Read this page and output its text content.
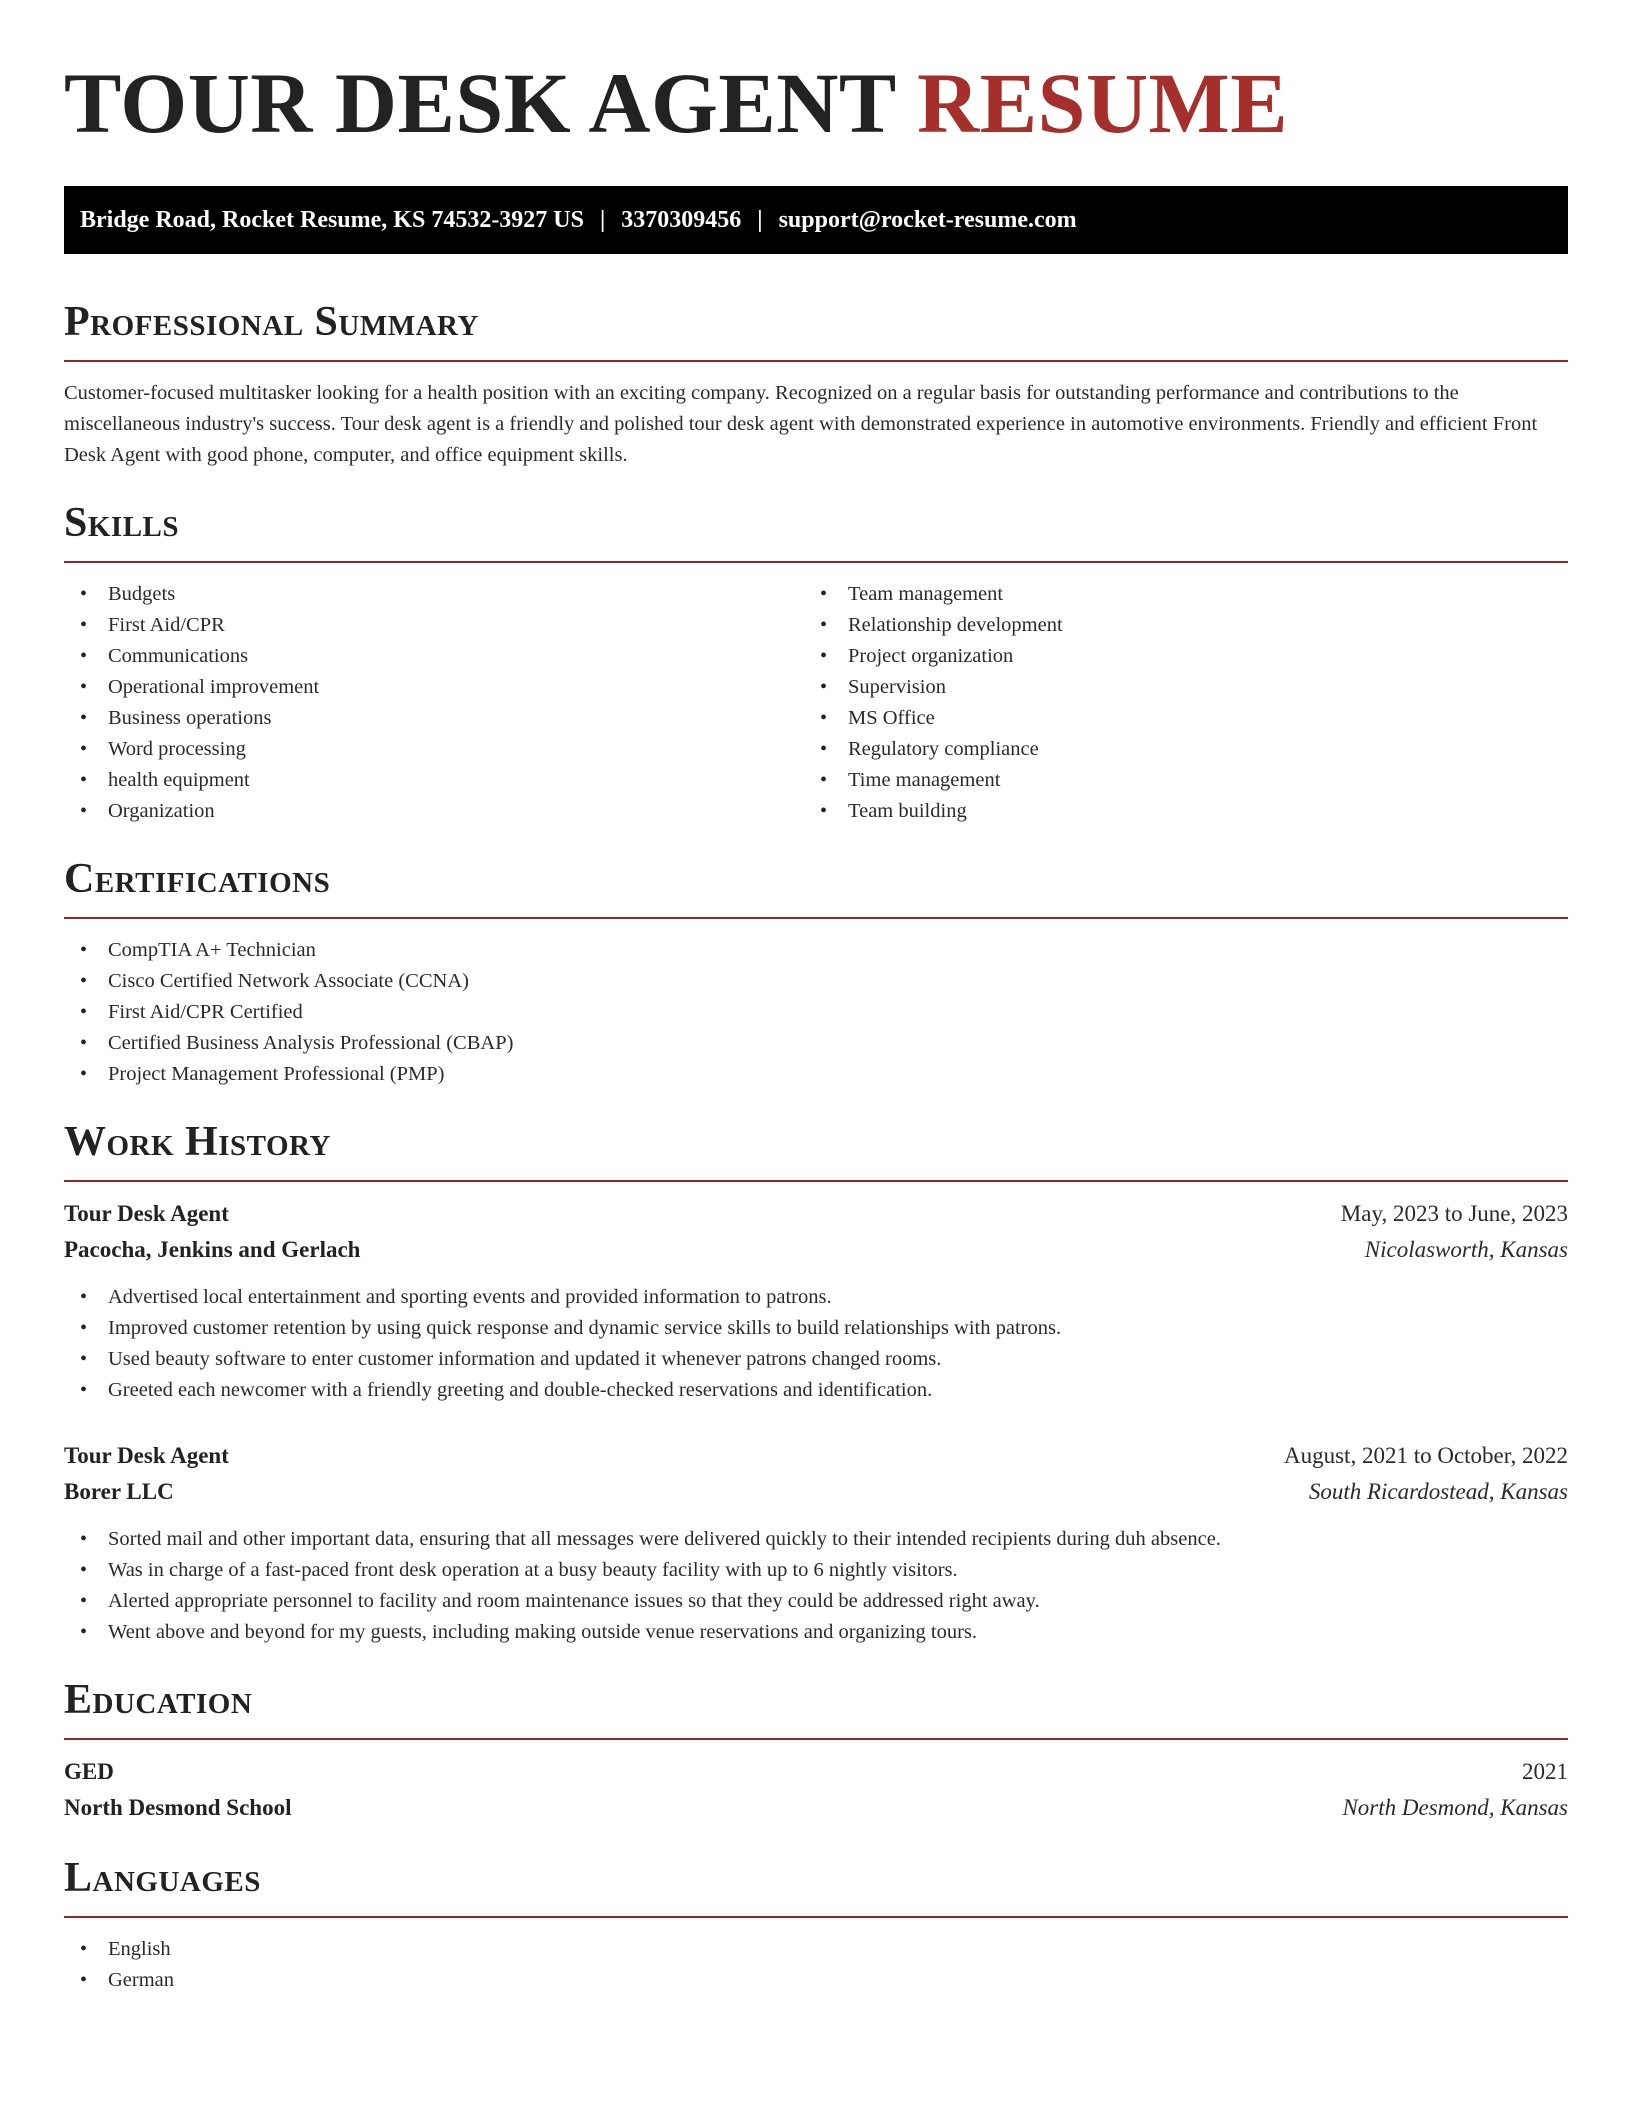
TOUR DESK AGENT RESUME
Bridge Road, Rocket Resume, KS 74532-3927 US | 3370309456 | support@rocket-resume.com
Professional Summary

Customer-focused multitasker looking for a health position with an exciting company. Recognized on a regular basis for outstanding performance and contributions to the miscellaneous industry's success. Tour desk agent is a friendly and polished tour desk agent with demonstrated experience in automotive environments. Friendly and efficient Front Desk Agent with good phone, computer, and office equipment skills.

Skills
• Budgets
• First Aid/CPR
• Communications
• Operational improvement
• Business operations
• Word processing
• health equipment
• Organization
• Team management
• Relationship development
• Project organization
• Supervision
• MS Office
• Regulatory compliance
• Time management
• Team building
Certifications
• CompTIA A+ Technician
• Cisco Certified Network Associate (CCNA)
• First Aid/CPR Certified
• Certified Business Analysis Professional (CBAP)
• Project Management Professional (PMP)
Work History
Tour Desk Agent	May, 2023 to June, 2023
Pacocha, Jenkins and Gerlach	Nicolasworth, Kansas
• Advertised local entertainment and sporting events and provided information to patrons.
• Improved customer retention by using quick response and dynamic service skills to build relationships with patrons.
• Used beauty software to enter customer information and updated it whenever patrons changed rooms.
• Greeted each newcomer with a friendly greeting and double-checked reservations and identification.
Tour Desk Agent	August, 2021 to October, 2022
Borer LLC	South Ricardostead, Kansas
• Sorted mail and other important data, ensuring that all messages were delivered quickly to their intended recipients during duh absence.
• Was in charge of a fast-paced front desk operation at a busy beauty facility with up to 6 nightly visitors.
• Alerted appropriate personnel to facility and room maintenance issues so that they could be addressed right away.
• Went above and beyond for my guests, including making outside venue reservations and organizing tours.
Education
GED	2021
North Desmond School	North Desmond, Kansas
Languages
• English
• German
